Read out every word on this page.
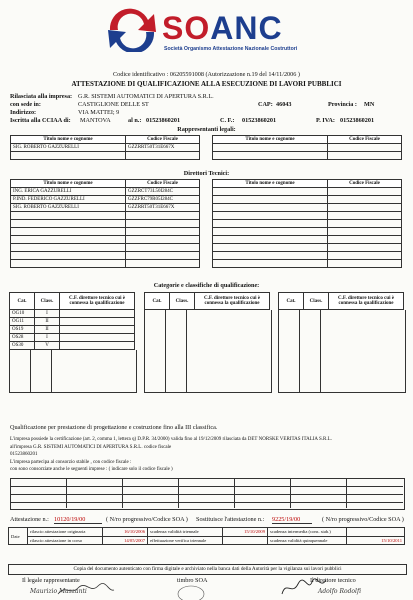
SOANC
Società Organismo Attestazione Nazionale Costruttori
Codice identificativo : 06205591008 (Autorizzazione n.19 del 14/11/2006 )
ATTESTAZIONE DI QUALIFICAZIONE ALLA ESECUZIONE DI LAVORI PUBBLICI
Rilasciata alla impresa: G.R. SISTEMI AUTOMATICI DI APERTURA S.R.L.
con sede in:	CASTIGLIONE DELLE ST	CAP: 46043	Provincia : MN
Indirizzo:	VIA MATTEI; 9
Iscritta alla CCIAA di: MANTOVA	al n.: 01523860201	C. F.: 01523860201	P. IVA: 01523860201
Rappresentanti legali:
Titolo nome e cognome	Codice Fiscale
SIG. ROBERTO GAZZURELLI	GZZRRT50T31E667X

Titolo nome e cognome	Codice Fiscale

Direttori Tecnici:
Titolo nome e cognome	Codice Fiscale
ING. ERICA GAZZURELLI	GZZRCT73L50I284C
P.IND. FEDERICO GAZZURELLI	GZZFRC79R05I284C
SIG. ROBERTO GAZZURELLI	GZZRRT50T31E667X

Titolo nome e cognome	Codice Fiscale

Categorie e classifiche di qualificazione:
Cat.	Class.	C.F. direttore tecnico cui è connessa la qualificazione
OG10	I	
OG11	II	
OS19	II	
OS28	I	
OS30	V	
Cat.	Class.	C.F. direttore tecnico cui è connessa la qualificazione	Cat.	Class.	C.F. direttore tecnico cui è connessa la qualificazione
Qualificazione per prestazione di progettazione e costruzione fino alla III classifica.
L'impresa possiede la certificazione (art. 2, comma 1, lettera q) D.P.R. 34/2000) valida fino al 19/12/2009 rilasciata da DET NORSKE VERITAS ITALIA S.R.L.
all'impresa G.R. SISTEMI AUTOMATICI DI APERTURA S.R.L. codice fiscale
01523860201
L'impresa partecipa al consorzio stabile , con codice fiscale :
con sono consorziate anche le seguenti imprese : ( indicare solo il codice fiscale )
Attestazione n.: 10120/19/00	( N/ro progressivo/Codice SOA ) Sostituisce l'attestazione n.: 9225/19/00	( N/ro progressivo/Codice SOA )
Date	rilascio attestazione originaria	16/10/2006	scadenza validità triennale	15/10/2009	scadenza intermedia (cons. stab.)	
	rilascio attestazione in corso	14/05/2007	effettuazione verifica triennale		scadenza validità quinquennale	15/10/2011
Copia del documento autenticato con firma digitale e archiviato nella banca dati della Autorità per la vigilanza sui lavori pubblici
Il legale rappresentante
Maurizio Mazzanti
timbro SOA	Il direttore tecnico
Adolfo Rodolfi
